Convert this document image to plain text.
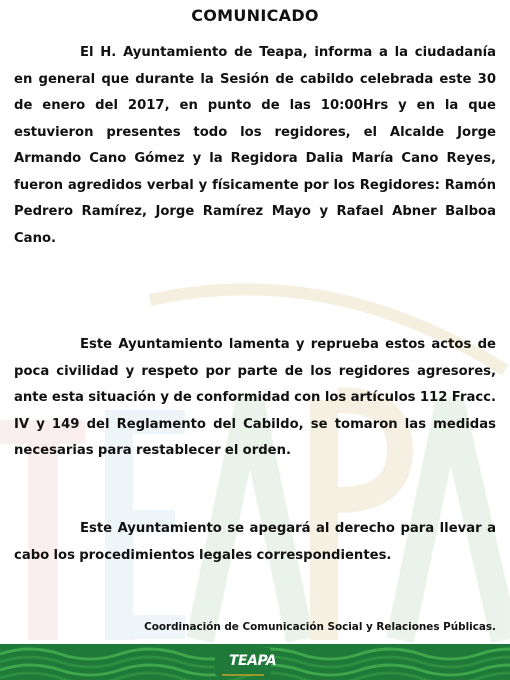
COMUNICADO

El H. Ayuntamiento de Teapa, informa a la ciudadanía en general que durante la Sesión de cabildo celebrada este 30 de enero del 2017, en punto de las 10:00Hrs y en la que estuvieron presentes todo los regidores, el Alcalde Jorge Armando Cano Gómez y la Regidora Dalia María Cano Reyes, fueron agredidos verbal y físicamente por los Regidores: Ramón Pedrero Ramírez, Jorge Ramírez Mayo y Rafael Abner Balboa Cano.

Este Ayuntamiento lamenta y reprueba estos actos de poca civilidad y respeto por parte de los regidores agresores, ante esta situación y de conformidad con los artículos 112 Fracc. IV y 149 del Reglamento del Cabildo, se tomaron las medidas necesarias para restablecer el orden.

Este Ayuntamiento se apegará al derecho para llevar a cabo los procedimientos legales correspondientes.

Coordinación de Comunicación Social y Relaciones Públicas.
TEAPA
